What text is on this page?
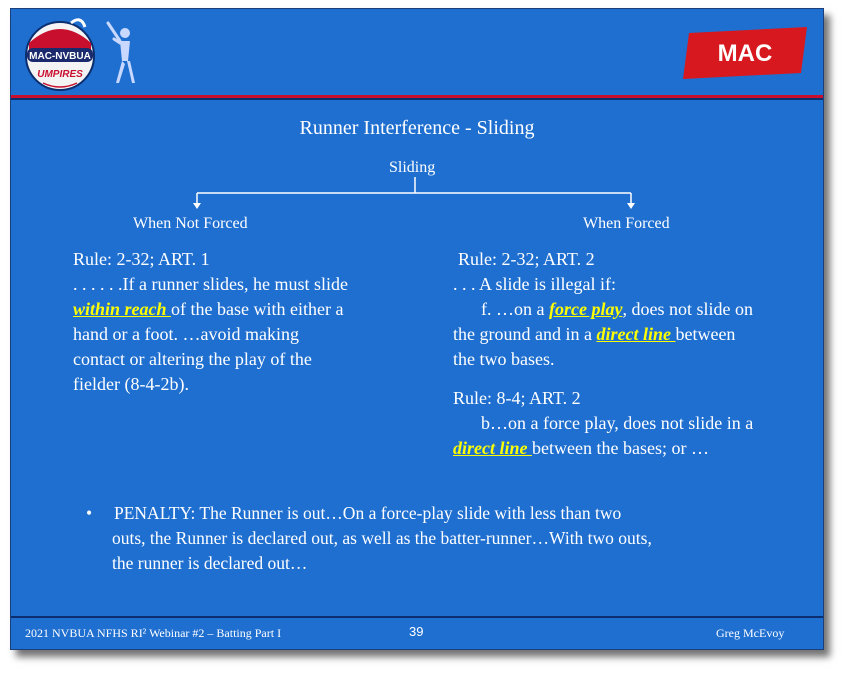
MAC-NVBUA
UMPIRES
MAC
Runner Interference - Sliding
Sliding
When Not Forced	When Forced
Rule: 2-32; ART. 1
. . . . . .If a runner slides, he must slide
within reach of the base with either a
hand or a foot. …avoid making
contact or altering the play of the
fielder (8-4-2b).
Rule: 2-32; ART. 2
. . . A slide is illegal if:
f. …on a force play, does not slide on
the ground and in a direct line between
the two bases.
Rule: 8-4; ART. 2
b…on a force play, does not slide in a
direct line between the bases; or …
•	PENALTY: The Runner is out…On a force-play slide with less than two
outs, the Runner is declared out, as well as the batter-runner…With two outs,
the runner is declared out…
2021 NVBUA NFHS RI² Webinar #2 – Batting Part I	39	Greg McEvoy
